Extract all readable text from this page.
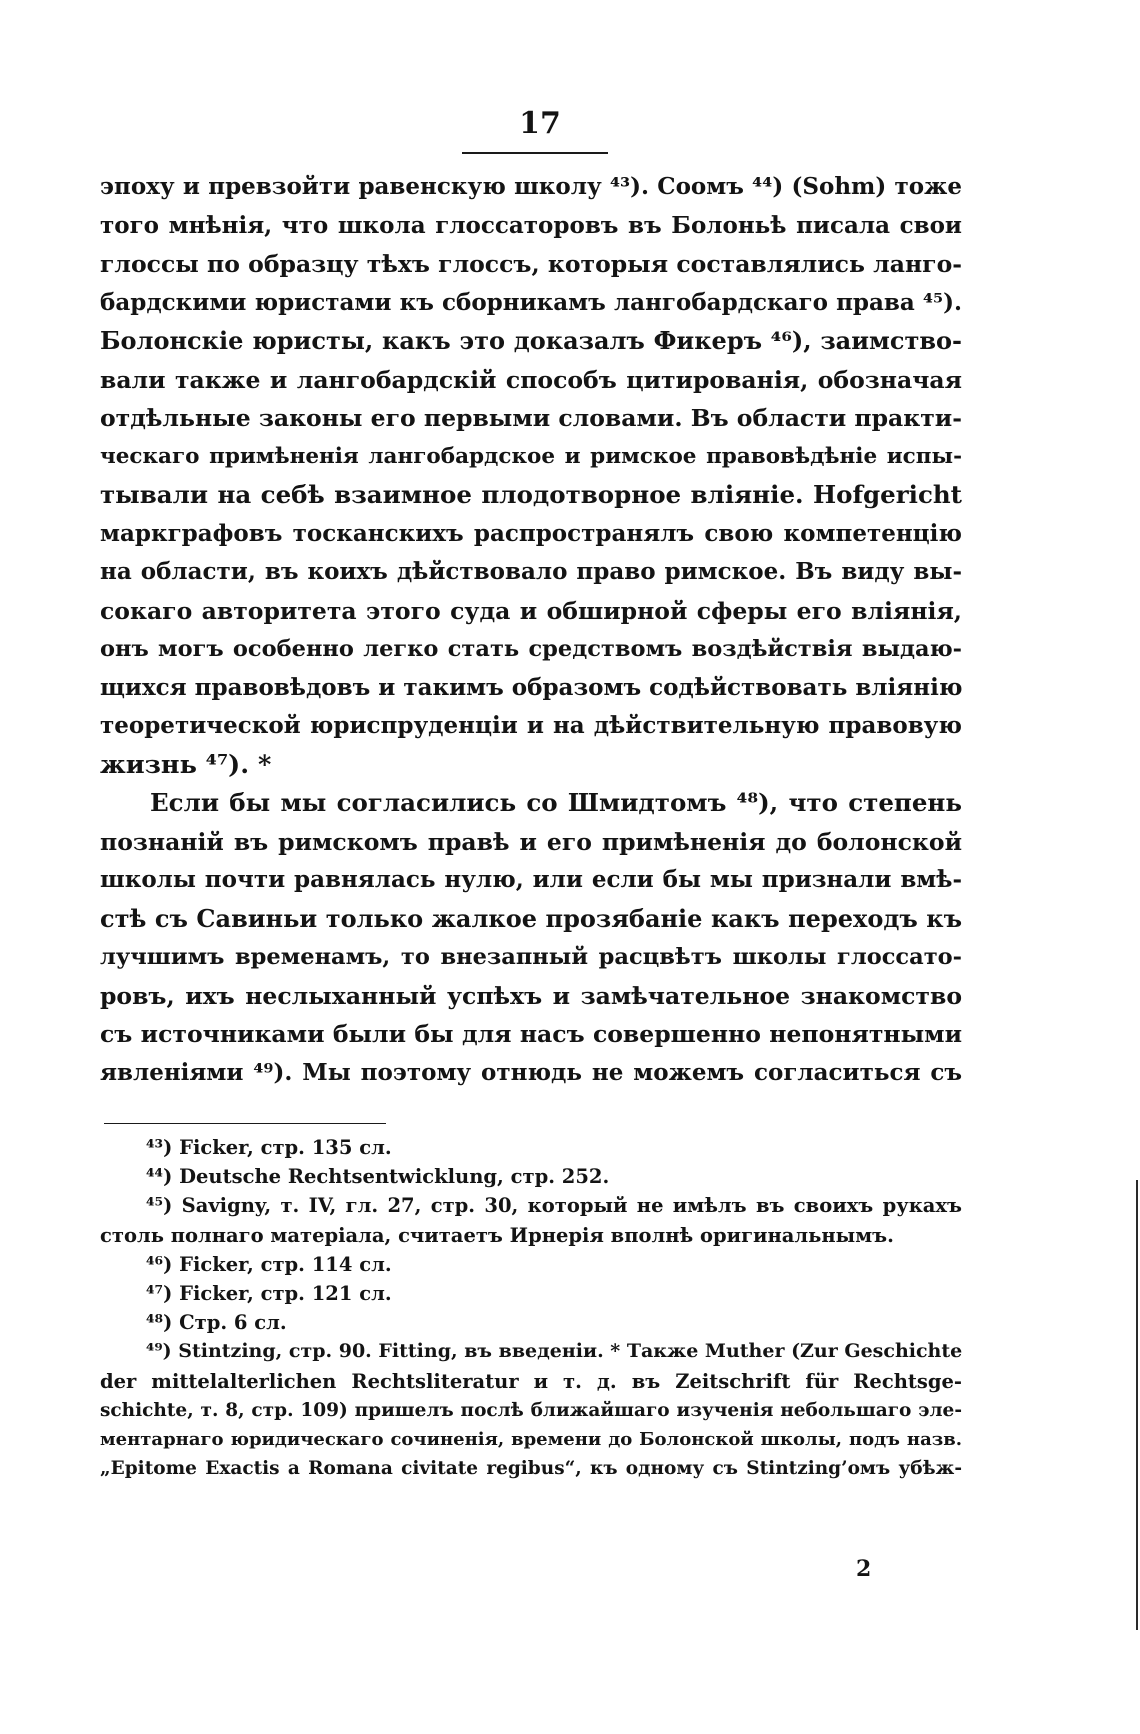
17
эпоху и превзойти равенскую школу ⁴³). Соомъ ⁴⁴) (Sohm) тоже
того мнѣнія, что школа глоссаторовъ въ Болоньѣ писала свои
глоссы по образцу тѣхъ глоссъ, которыя составлялись ланго-
бардскими юристами къ сборникамъ лангобардскаго права ⁴⁵).
Болонскіе юристы, какъ это доказалъ Фикеръ ⁴⁶), заимство-
вали также и лангобардскій способъ цитированія, обозначая
отдѣльные законы его первыми словами. Въ области практи-
ческаго примѣненія лангобардское и римское правовѣдѣніе испы-
тывали на себѣ взаимное плодотворное вліяніе. Hofgericht
маркграфовъ тосканскихъ распространялъ свою компетенцію
на области, въ коихъ дѣйствовало право римское. Въ виду вы-
сокаго авторитета этого суда и обширной сферы его вліянія,
онъ могъ особенно легко стать средствомъ воздѣйствія выдаю-
щихся правовѣдовъ и такимъ образомъ содѣйствовать вліянію
теоретической юриспруденціи и на дѣйствительную правовую
жизнь ⁴⁷). *
Если бы мы согласились со Шмидтомъ ⁴⁸), что степень
познаній въ римскомъ правѣ и его примѣненія до болонской
школы почти равнялась нулю, или если бы мы признали вмѣ-
стѣ съ Савиньи только жалкое прозябаніе какъ переходъ къ
лучшимъ временамъ, то внезапный расцвѣтъ школы глоссато-
ровъ, ихъ неслыханный успѣхъ и замѣчательное знакомство
съ источниками были бы для насъ совершенно непонятными
явленіями ⁴⁹). Мы поэтому отнюдь не можемъ согласиться съ
⁴³) Ficker, стр. 135 сл.
⁴⁴) Deutsche Rechtsentwicklung, стр. 252.
⁴⁵) Savigny, т. IV, гл. 27, стр. 30, который не имѣлъ въ своихъ рукахъ
столь полнаго матеріала, считаетъ Ирнерія вполнѣ оригинальнымъ.
⁴⁶) Ficker, стр. 114 сл.
⁴⁷) Ficker, стр. 121 сл.
⁴⁸) Стр. 6 сл.
⁴⁹) Stintzing, стр. 90. Fitting, въ введеніи. * Также Muther (Zur Geschichte
der mittelalterlichen Rechtsliteratur и т. д. въ Zeitschrift für Rechtsge-
schichte, т. 8, стр. 109) пришелъ послѣ ближайшаго изученія небольшаго эле-
ментарнаго юридическаго сочиненія, времени до Болонской школы, подъ назв.
„Epitome Exactis a Romana civitate regibus“, къ одному съ Stintzing’омъ убѣж-
2
